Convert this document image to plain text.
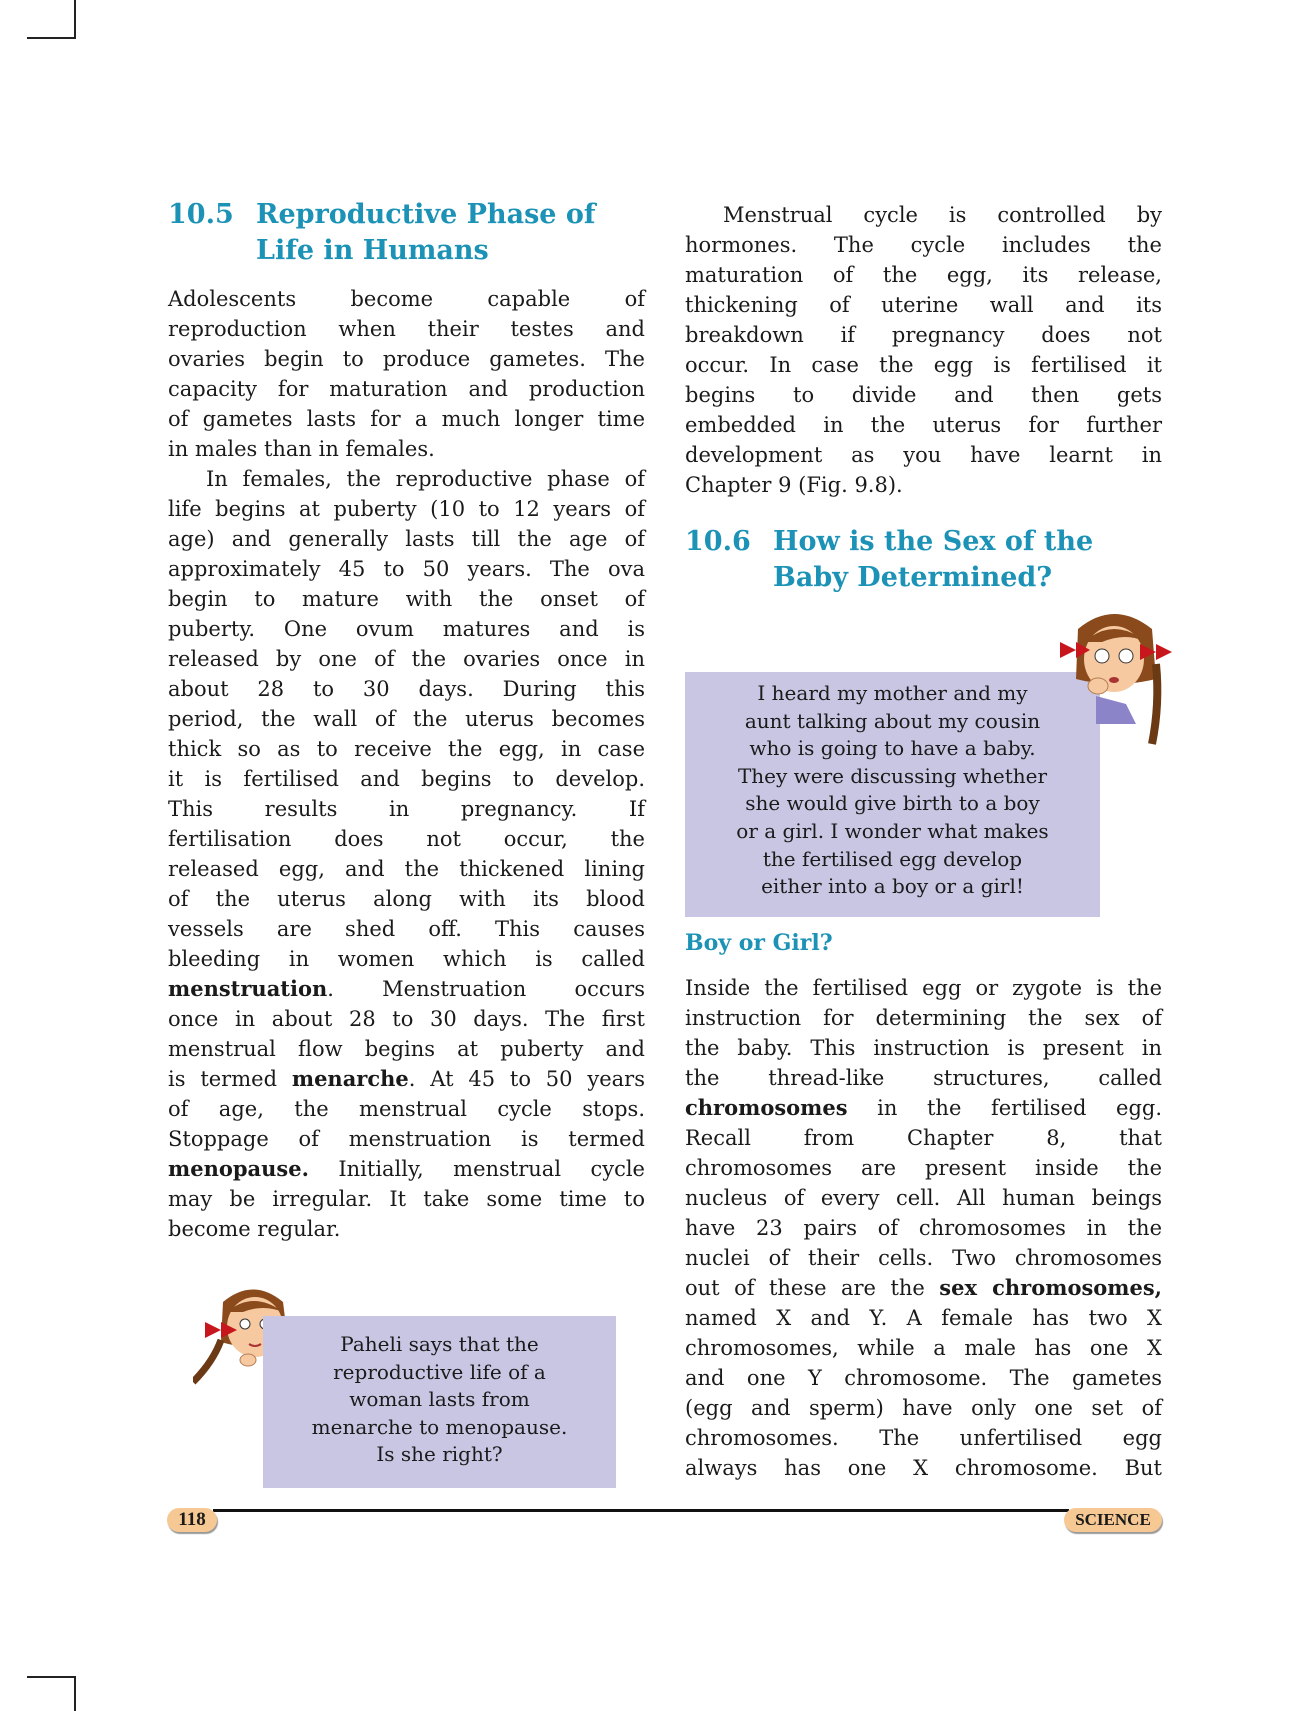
10.5 Reproductive Phase of
Life in Humans
Adolescents become capable of
reproduction when their testes and
ovaries begin to produce gametes. The
capacity for maturation and production
of gametes lasts for a much longer time
in males than in females.
In females, the reproductive phase of
life begins at puberty (10 to 12 years of
age) and generally lasts till the age of
approximately 45 to 50 years. The ova
begin to mature with the onset of
puberty. One ovum matures and is
released by one of the ovaries once in
about 28 to 30 days. During this
period, the wall of the uterus becomes
thick so as to receive the egg, in case
it is fertilised and begins to develop.
This results in pregnancy. If
fertilisation does not occur, the
released egg, and the thickened lining
of the uterus along with its blood
vessels are shed off. This causes
bleeding in women which is called
menstruation. Menstruation occurs
once in about 28 to 30 days. The first
menstrual flow begins at puberty and
is termed menarche. At 45 to 50 years
of age, the menstrual cycle stops.
Stoppage of menstruation is termed
menopause. Initially, menstrual cycle
may be irregular. It take some time to
become regular.
Paheli says that the
reproductive life of a
woman lasts from
menarche to menopause.
Is she right?
Menstrual cycle is controlled by
hormones. The cycle includes the
maturation of the egg, its release,
thickening of uterine wall and its
breakdown if pregnancy does not
occur. In case the egg is fertilised it
begins to divide and then gets
embedded in the uterus for further
development as you have learnt in
Chapter 9 (Fig. 9.8).
10.6 How is the Sex of the
Baby Determined?
I heard my mother and my
aunt talking about my cousin
who is going to have a baby.
They were discussing whether
she would give birth to a boy
or a girl. I wonder what makes
the fertilised egg develop
either into a boy or a girl!
Boy or Girl?
Inside the fertilised egg or zygote is the
instruction for determining the sex of
the baby. This instruction is present in
the thread-like structures, called
chromosomes in the fertilised egg.
Recall from Chapter 8, that
chromosomes are present inside the
nucleus of every cell. All human beings
have 23 pairs of chromosomes in the
nuclei of their cells. Two chromosomes
out of these are the sex chromosomes,
named X and Y. A female has two X
chromosomes, while a male has one X
and one Y chromosome. The gametes
(egg and sperm) have only one set of
chromosomes. The unfertilised egg
always has one X chromosome. But
118	SCIENCE
